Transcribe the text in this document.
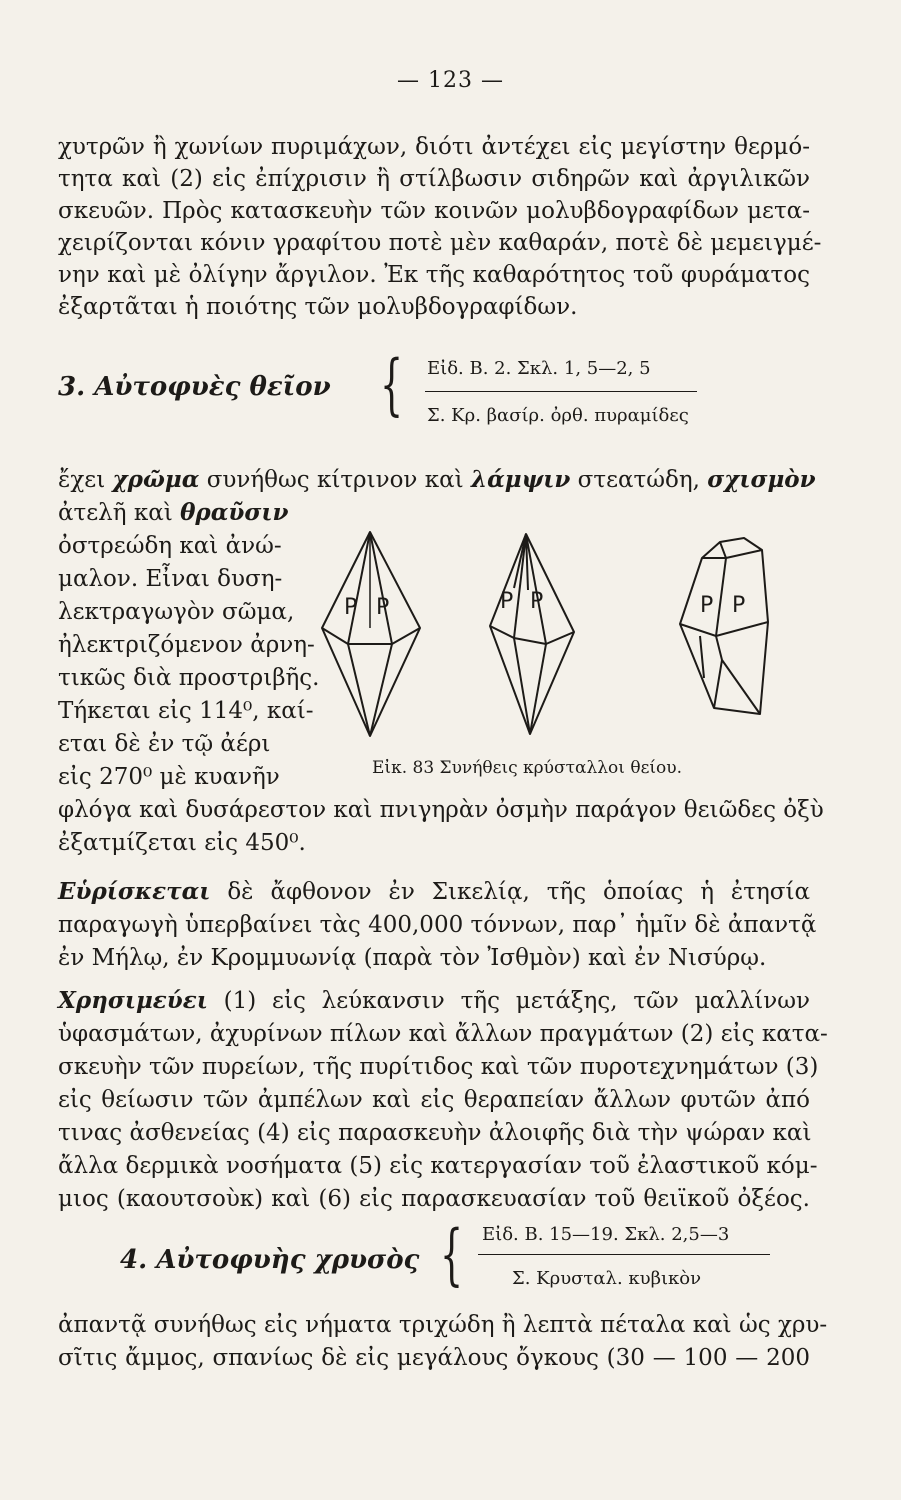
— 123 —
χυτρῶν ἢ χωνίων πυριμάχων, διότι ἀντέχει εἰς μεγίστην θερμό-
τητα καὶ (2) εἰς ἐπίχρισιν ἢ στίλβωσιν σιδηρῶν καὶ ἀργιλικῶν
σκευῶν. Πρὸς κατασκευὴν τῶν κοινῶν μολυβδογραφίδων μετα-
χειρίζονται κόνιν γραφίτου ποτὲ μὲν καθαράν, ποτὲ δὲ μεμειγμέ-
νην καὶ μὲ ὀλίγην ἄργιλον. Ἐκ τῆς καθαρότητος τοῦ φυράματος
ἐξαρτᾶται ἡ ποιότης τῶν μολυβδογραφίδων.
3. Αὐτοφυὲς θεῖον { Εἰδ. Β. 2. Σκλ. 1, 5—2, 5
Σ. Κρ. βασίρ. ὀρθ. πυραμίδες
ἔχει χρῶμα συνήθως κίτρινον καὶ λάμψιν στεατώδη, σχισμὸν
ἀτελῆ καὶ θραῦσιν
ὀστρεώδη καὶ ἀνώ-
μαλον. Εἶναι δυση-
λεκτραγωγὸν σῶμα,
ἠλεκτριζόμενον ἀρνη-
τικῶς διὰ προστριβῆς.
Τήκεται εἰς 114⁰, καί-
εται δὲ ἐν τῷ ἀέρι
εἰς 270⁰ μὲ κυανῆν
φλόγα καὶ δυσάρεστον καὶ πνιγηρὰν ὀσμὴν παράγον θειῶδες ὀξὺ
ἐξατμίζεται εἰς 450⁰.
P P	P P	P P
Εἰκ. 83 Συνήθεις κρύσταλλοι θείου.
Εὑρίσκεται δὲ ἄφθονον ἐν Σικελίᾳ, τῆς ὁποίας ἡ ἐτησία
παραγωγὴ ὑπερβαίνει τὰς 400,000 τόννων, παρ᾽ ἡμῖν δὲ ἀπαντᾷ
ἐν Μήλῳ, ἐν Κρομμυωνίᾳ (παρὰ τὸν Ἰσθμὸν) καὶ ἐν Νισύρῳ.
Χρησιμεύει (1) εἰς λεύκανσιν τῆς μετάξης, τῶν μαλλίνων
ὑφασμάτων, ἀχυρίνων πίλων καὶ ἄλλων πραγμάτων (2) εἰς κατα-
σκευὴν τῶν πυρείων, τῆς πυρίτιδος καὶ τῶν πυροτεχνημάτων (3)
εἰς θείωσιν τῶν ἀμπέλων καὶ εἰς θεραπείαν ἄλλων φυτῶν ἀπό
τινας ἀσθενείας (4) εἰς παρασκευὴν ἀλοιφῆς διὰ τὴν ψώραν καὶ
ἄλλα δερμικὰ νοσήματα (5) εἰς κατεργασίαν τοῦ ἐλαστικοῦ κόμ-
μιος (καουτσοὺκ) καὶ (6) εἰς παρασκευασίαν τοῦ θειϊκοῦ ὀξέος.
4. Αὐτοφυὴς χρυσὸς { Εἰδ. Β. 15—19. Σκλ. 2,5—3
Σ. Κρυσταλ. κυβικὸν
ἀπαντᾷ συνήθως εἰς νήματα τριχώδη ἢ λεπτὰ πέταλα καὶ ὡς χρυ-
σῖτις ἄμμος, σπανίως δὲ εἰς μεγάλους ὄγκους (30 — 100 — 200
